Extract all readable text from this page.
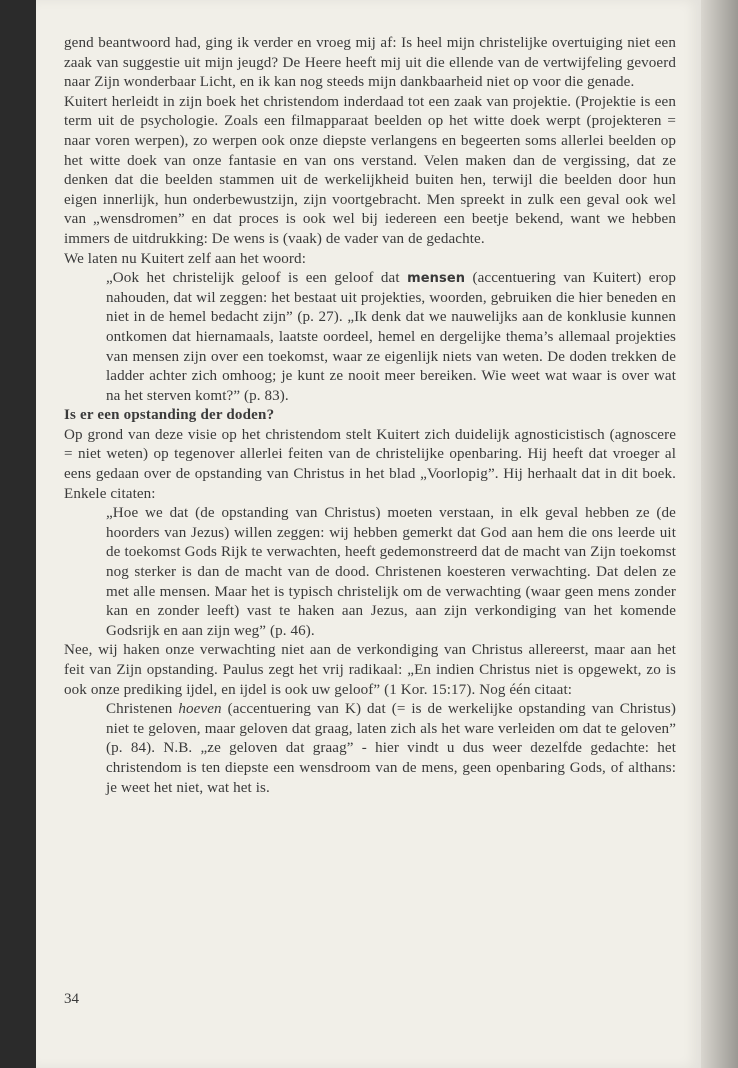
gend beantwoord had, ging ik verder en vroeg mij af: Is heel mijn christelijke overtuiging niet een zaak van suggestie uit mijn jeugd? De Heere heeft mij uit die ellende van de vertwijfeling gevoerd naar Zijn wonderbaar Licht, en ik kan nog steeds mijn dankbaarheid niet op voor die genade.

Kuitert herleidt in zijn boek het christendom inderdaad tot een zaak van projektie. (Projektie is een term uit de psychologie. Zoals een filmapparaat beelden op het witte doek werpt (projekteren = naar voren werpen), zo werpen ook onze diepste verlangens en begeerten soms allerlei beelden op het witte doek van onze fantasie en van ons verstand. Velen maken dan de vergissing, dat ze denken dat die beelden stammen uit de werkelijkheid buiten hen, terwijl die beelden door hun eigen innerlijk, hun onderbewustzijn, zijn voortgebracht. Men spreekt in zulk een geval ook wel van „wensdromen” en dat proces is ook wel bij iedereen een beetje bekend, want we hebben immers de uitdrukking: De wens is (vaak) de vader van de gedachte.

We laten nu Kuitert zelf aan het woord:

„Ook het christelijk geloof is een geloof dat mensen (accentuering van Kuitert) erop nahouden, dat wil zeggen: het bestaat uit projekties, woorden, gebruiken die hier beneden en niet in de hemel bedacht zijn” (p. 27). „Ik denk dat we nauwelijks aan de konklusie kunnen ontkomen dat hiernamaals, laatste oordeel, hemel en dergelijke thema’s allemaal projekties van mensen zijn over een toekomst, waar ze eigenlijk niets van weten. De doden trekken de ladder achter zich omhoog; je kunt ze nooit meer bereiken. Wie weet wat waar is over wat na het sterven komt?” (p. 83).

Is er een opstanding der doden?

Op grond van deze visie op het christendom stelt Kuitert zich duidelijk agnosticistisch (agnoscere = niet weten) op tegenover allerlei feiten van de christelijke openbaring. Hij heeft dat vroeger al eens gedaan over de opstanding van Christus in het blad „Voorlopig”. Hij herhaalt dat in dit boek. Enkele citaten:

„Hoe we dat (de opstanding van Christus) moeten verstaan, in elk geval hebben ze (de hoorders van Jezus) willen zeggen: wij hebben gemerkt dat God aan hem die ons leerde uit de toekomst Gods Rijk te verwachten, heeft gedemonstreerd dat de macht van Zijn toekomst nog sterker is dan de macht van de dood. Christenen koesteren verwachting. Dat delen ze met alle mensen. Maar het is typisch christelijk om de verwachting (waar geen mens zonder kan en zonder leeft) vast te haken aan Jezus, aan zijn verkondiging van het komende Godsrijk en aan zijn weg” (p. 46).

Nee, wij haken onze verwachting niet aan de verkondiging van Christus allereerst, maar aan het feit van Zijn opstanding. Paulus zegt het vrij radikaal: „En indien Christus niet is opgewekt, zo is ook onze prediking ijdel, en ijdel is ook uw geloof” (1 Kor. 15:17). Nog één citaat:

Christenen hoeven (accentuering van K) dat (= is de werkelijke opstanding van Christus) niet te geloven, maar geloven dat graag, laten zich als het ware verleiden om dat te geloven” (p. 84). N.B. „ze geloven dat graag” - hier vindt u dus weer dezelfde gedachte: het christendom is ten diepste een wensdroom van de mens, geen openbaring Gods, of althans: je weet het niet, wat het is.

34
